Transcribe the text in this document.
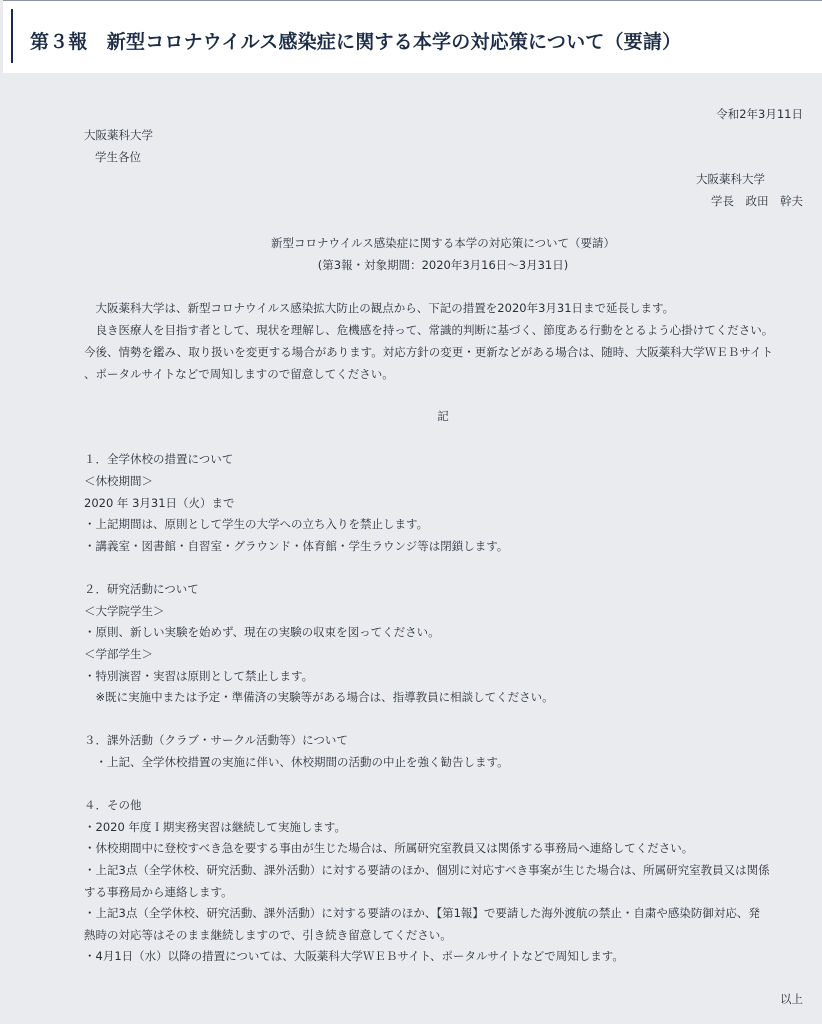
第３報　新型コロナウイルス感染症に関する本学の対応策について（要請）
令和2年3月11日
大阪薬科大学
学生各位
大阪薬科大学
学長　政田　幹夫
新型コロナウイルス感染症に関する本学の対応策について（要請）
(第3報・対象期間：2020年3月16日〜3月31日)
　大阪薬科大学は、新型コロナウイルス感染拡大防止の観点から、下記の措置を2020年3月31日まで延長します。
　良き医療人を目指す者として、現状を理解し、危機感を持って、常識的判断に基づく、節度ある行動をとるよう心掛けてください。
今後、情勢を鑑み、取り扱いを変更する場合があります。対応方針の変更・更新などがある場合は、随時、大阪薬科大学ＷＥＢサイト
、ポータルサイトなどで周知しますので留意してください。
記
１．全学休校の措置について
＜休校期間＞
2020 年 3月31日（火）まで
・上記期間は、原則として学生の大学への立ち入りを禁止します。
・講義室・図書館・自習室・グラウンド・体育館・学生ラウンジ等は閉鎖します。
２．研究活動について
＜大学院学生＞
・原則、新しい実験を始めず、現在の実験の収束を図ってください。
＜学部学生＞
・特別演習・実習は原則として禁止します。
　※既に実施中または予定・準備済の実験等がある場合は、指導教員に相談してください。
３．課外活動（クラブ・サークル活動等）について
　・上記、全学休校措置の実施に伴い、休校期間の活動の中止を強く勧告します。
４．その他
・2020 年度Ｉ期実務実習は継続して実施します。
・休校期間中に登校すべき急を要する事由が生じた場合は、所属研究室教員又は関係する事務局へ連絡してください。
・上記3点（全学休校、研究活動、課外活動）に対する要請のほか、個別に対応すべき事案が生じた場合は、所属研究室教員又は関係
する事務局から連絡します。
・上記3点（全学休校、研究活動、課外活動）に対する要請のほか、【第1報】で要請した海外渡航の禁止・自粛や感染防御対応、発
熱時の対応等はそのまま継続しますので、引き続き留意してください。
・4月1日（水）以降の措置については、大阪薬科大学ＷＥＢサイト、ポータルサイトなどで周知します。
以上
